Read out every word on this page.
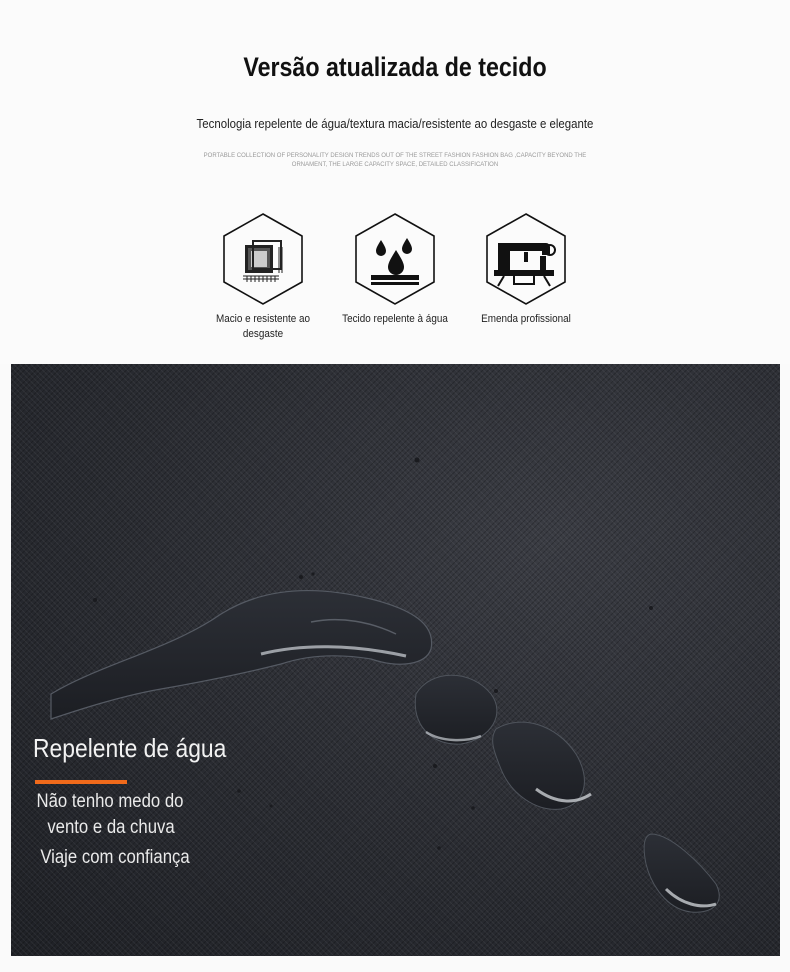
Versão atualizada de tecido
Tecnologia repelente de água/textura macia/resistente ao desgaste e elegante
PORTABLE COLLECTION OF PERSONALITY DESIGN TRENDS OUT OF THE STREET FASHION FASHION BAG ,CAPACITY BEYOND THE ORNAMENT, THE LARGE CAPACITY SPACE, DETAILED CLASSIFICATION
Macio e resistente ao desgaste
Tecido repelente à água	Emenda profissional
Repelente de água
Não tenho medo do
vento e da chuva
Viaje com confiança
